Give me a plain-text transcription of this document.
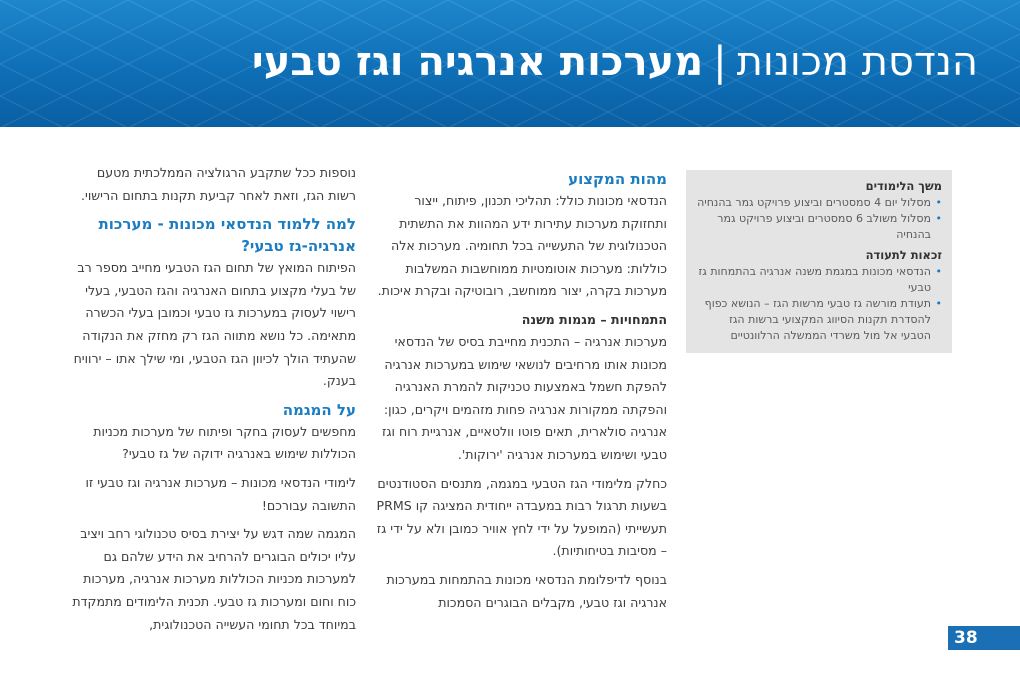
הנדסת מכונות|מערכות אנרגיה וגז טבעי
משך הלימודים
•
מסלול יום 4 סמסטרים וביצוע פרויקט גמר בהנחיה
•
מסלול משולב 6 סמסטרים וביצוע פרויקט גמר בהנחיה
זכאות לתעודה
•
הנדסאי מכונות במגמת משנה אנרגיה בהתמחות גז טבעי
•
תעודת מורשה גז טבעי מרשות הגז – הנושא כפוף להסדרת תקנות הסיווג המקצועי ברשות הגז הטבעי אל מול משרדי הממשלה הרלוונטיים
מהות המקצוע

הנדסאי מכונות כולל: תהליכי תכנון, פיתוח, ייצור ותחזוקת מערכות עתירות ידע המהוות את התשתית הטכנולוגית של התעשייה בכל תחומיה. מערכות אלה כוללות: מערכות אוטומטיות ממוחשבות המשלבות מערכות בקרה, יצור ממוחשב, רובוטיקה ובקרת איכות.

התמחויות – מגמות משנה

מערכות אנרגיה – התכנית מחייבת בסיס של הנדסאי מכונות אותו מרחיבים לנושאי שימוש במערכות אנרגיה להפקת חשמל באמצעות טכניקות להמרת האנרגיה והפקתה ממקורות אנרגיה פחות מזהמים ויקרים, כגון: אנרגיה סולארית, תאים פוטו וולטאיים, אנרגיית רוח וגז טבעי ושימוש במערכות אנרגיה 'ירוקות'.

כחלק מלימודי הגז הטבעי במגמה, מתנסים הסטודנטים בשעות תרגול רבות במעבדה ייחודית המציגה קו PRMS תעשייתי (המופעל על ידי לחץ אוויר כמובן ולא על ידי גז – מסיבות בטיחותיות).

בנוסף לדיפלומת הנדסאי מכונות בהתמחות במערכות אנרגיה וגז טבעי, מקבלים הבוגרים הסמכות

נוספות ככל שתקבע הרגולציה הממלכתית מטעם רשות הגז, וזאת לאחר קביעת תקנות בתחום הרישוי.

למה ללמוד הנדסאי מכונות - מערכות אנרגיה-גז טבעי?

הפיתוח המואץ של תחום הגז הטבעי מחייב מספר רב של בעלי מקצוע בתחום האנרגיה והגז הטבעי, בעלי רישוי לעסוק במערכות גז טבעי וכמובן בעלי הכשרה מתאימה. כל נושא מתווה הגז רק מחזק את הנקודה שהעתיד הולך לכיוון הגז הטבעי, ומי שילך אתו – ירוויח בענק.

על המגמה

מחפשים לעסוק בחקר ופיתוח של מערכות מכניות הכוללות שימוש באנרגיה ידוקה של גז טבעי?

לימודי הנדסאי מכונות – מערכות אנרגיה וגז טבעי זו התשובה עבורכם!

המגמה שמה דגש על יצירת בסיס טכנולוגי רחב ויציב עליו יכולים הבוגרים להרחיב את הידע שלהם גם למערכות מכניות הכוללות מערכות אנרגיה, מערכות כוח וחום ומערכות גז טבעי. תכנית הלימודים מתמקדת במיוחד בכל תחומי העשייה הטכנולוגית,

38
